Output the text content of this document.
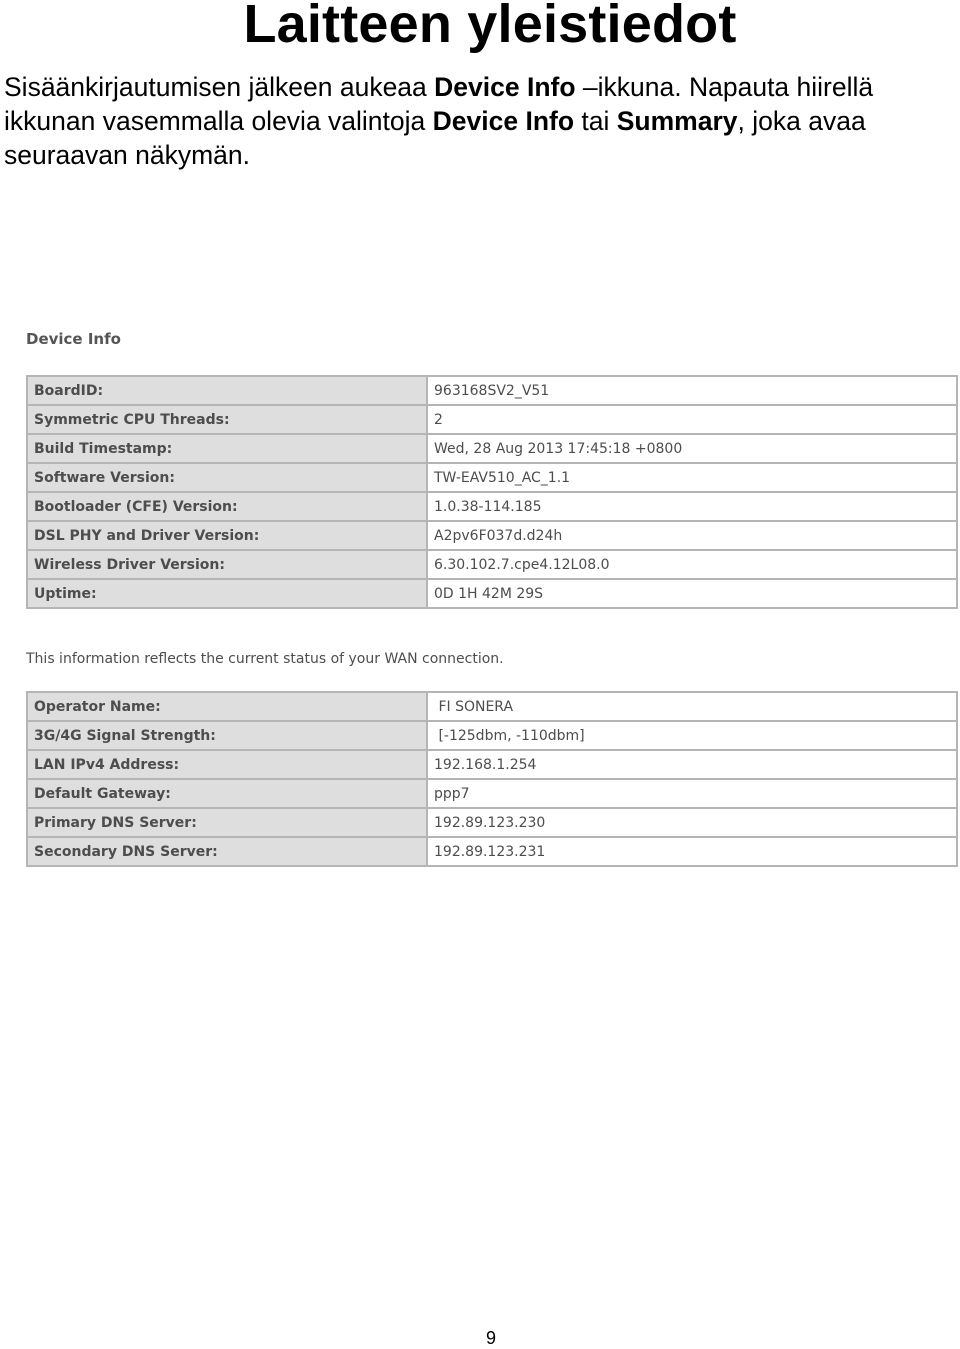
Laitteen yleistiedot

Sisäänkirjautumisen jälkeen aukeaa Device Info –ikkuna. Napauta hiirellä ikkunan vasemmalla olevia valintoja Device Info tai Summary, joka avaa seuraavan näkymän.

Device Info
BoardID:	963168SV2_V51
Symmetric CPU Threads:	2
Build Timestamp:	Wed, 28 Aug 2013 17:45:18 +0800
Software Version:	TW-EAV510_AC_1.1
Bootloader (CFE) Version:	1.0.38-114.185
DSL PHY and Driver Version:	A2pv6F037d.d24h
Wireless Driver Version:	6.30.102.7.cpe4.12L08.0
Uptime:	0D 1H 42M 29S

This information reflects the current status of your WAN connection.

Operator Name:	FI SONERA
3G/4G Signal Strength:	[-125dbm, -110dbm]
LAN IPv4 Address:	192.168.1.254
Default Gateway:	ppp7
Primary DNS Server:	192.89.123.230
Secondary DNS Server:	192.89.123.231

9
